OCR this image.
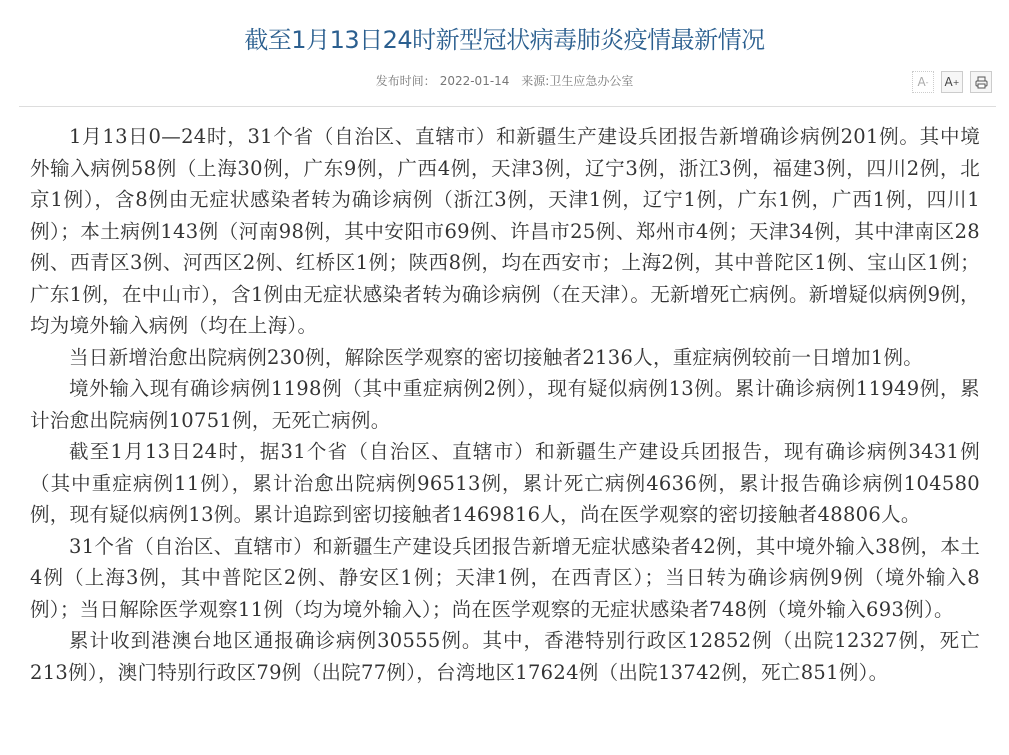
截至1月13日24时新型冠状病毒肺炎疫情最新情况
发布时间： 2022-01-14 来源:卫生应急办公室	A - A +

1月13日0—24时，31个省（自治区、直辖市）和新疆生产建设兵团报告新增确诊病例201例。其中境外输入病例58例（上海30例，广东9例，广西4例，天津3例，辽宁3例，浙江3例，福建3例，四川2例，北京1例），含8例由无症状感染者转为确诊病例（浙江3例，天津1例，辽宁1例，广东1例，广西1例，四川1例）；本土病例143例（河南98例，其中安阳市69例、许昌市25例、郑州市4例；天津34例，其中津南区28例、西青区3例、河西区2例、红桥区1例；陕西8例，均在西安市；上海2例，其中普陀区1例、宝山区1例；广东1例，在中山市），含1例由无症状感染者转为确诊病例（在天津）。无新增死亡病例。新增疑似病例9例，均为境外输入病例（均在上海）。

当日新增治愈出院病例230例，解除医学观察的密切接触者2136人，重症病例较前一日增加1例。

境外输入现有确诊病例1198例（其中重症病例2例），现有疑似病例13例。累计确诊病例11949例，累计治愈出院病例10751例，无死亡病例。

截至1月13日24时，据31个省（自治区、直辖市）和新疆生产建设兵团报告，现有确诊病例3431例（其中重症病例11例），累计治愈出院病例96513例，累计死亡病例4636例，累计报告确诊病例104580例，现有疑似病例13例。累计追踪到密切接触者1469816人，尚在医学观察的密切接触者48806人。

31个省（自治区、直辖市）和新疆生产建设兵团报告新增无症状感染者42例，其中境外输入38例，本土4例（上海3例，其中普陀区2例、静安区1例；天津1例，在西青区）；当日转为确诊病例9例（境外输入8例）；当日解除医学观察11例（均为境外输入）；尚在医学观察的无症状感染者748例（境外输入693例）。

累计收到港澳台地区通报确诊病例30555例。其中，香港特别行政区12852例（出院12327例，死亡213例），澳门特别行政区79例（出院77例），台湾地区17624例（出院13742例，死亡851例）。
